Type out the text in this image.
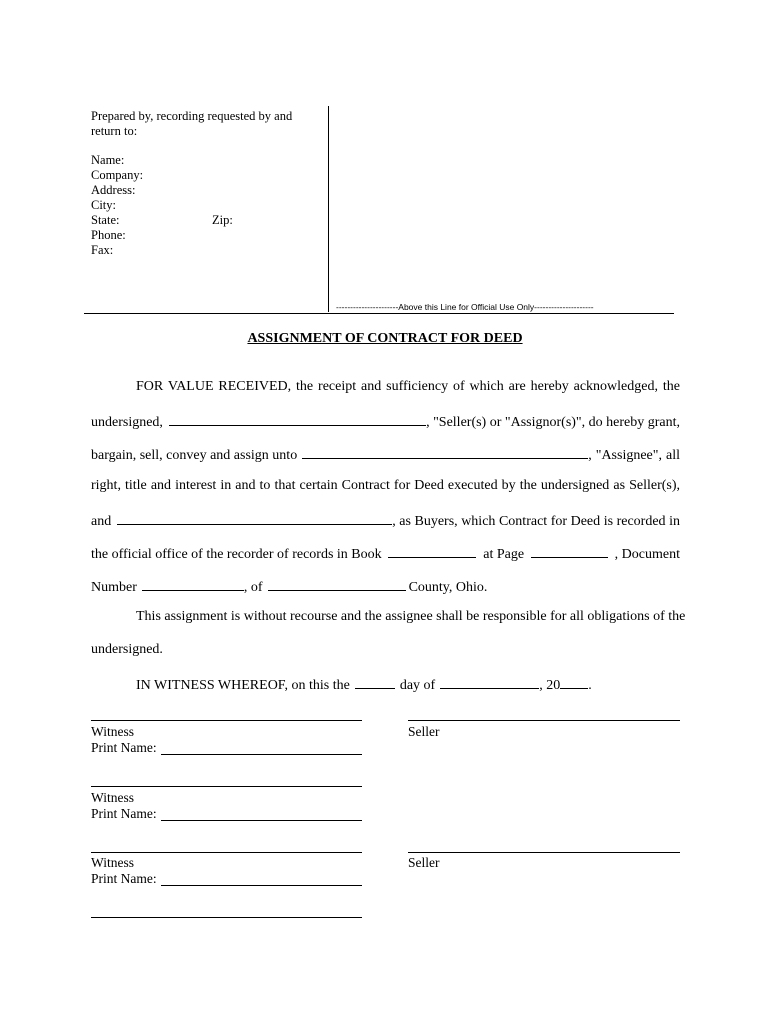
Prepared by, recording requested by and
return to:
Name:
Company:
Address:
City:
State:	Zip:
Phone:
Fax:
----------------------Above this Line for Official Use Only---------------------
ASSIGNMENT OF CONTRACT FOR DEED
FOR VALUE RECEIVED, the receipt and sufficiency of which are hereby acknowledged, the
undersigned,	, "Seller(s) or "Assignor(s)", do hereby grant,
bargain, sell, convey and assign unto	, "Assignee", all
right, title and interest in and to that certain Contract for Deed executed by the undersigned as Seller(s),
and	, as Buyers, which Contract for Deed is recorded in
the official office of the recorder of records in Book	at Page	, Document
Number	, of	County, Ohio.
This assignment is without recourse and the assignee shall be responsible for all obligations of the
undersigned.
IN WITNESS WHEREOF, on this the	day of	, 20 .
Witness	Seller
Print Name:
Witness
Print Name:
Witness	Seller
Print Name:
